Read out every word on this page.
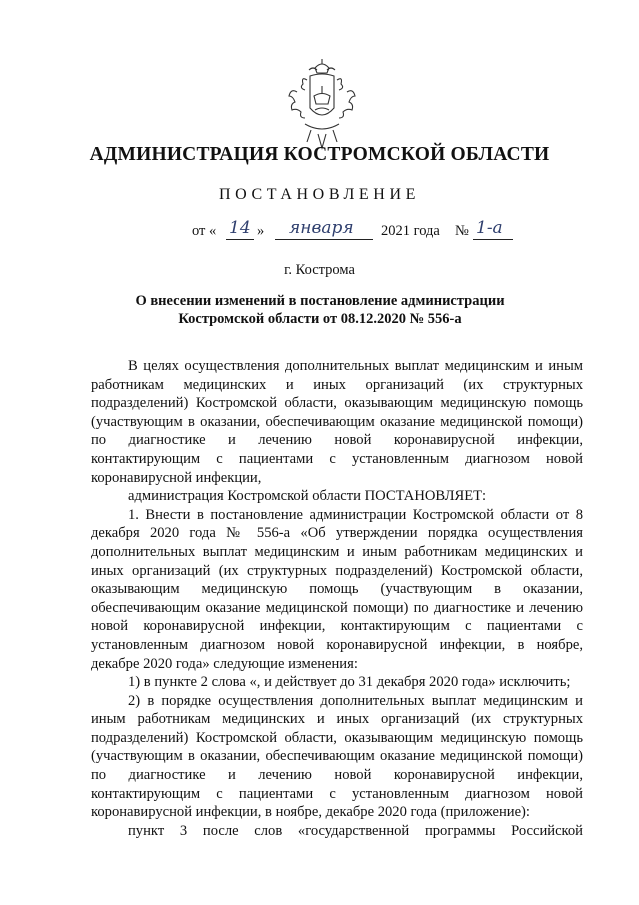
АДМИНИСТРАЦИЯ КОСТРОМСКОЙ ОБЛАСТИ
ПОСТАНОВЛЕНИЕ
от « 14 » января 2021 года № 1-а
г. Кострома
О внесении изменений в постановление администрации
Костромской области от 08.12.2020 № 556-а

В целях осуществления дополнительных выплат медицинским и иным работникам медицинских и иных организаций (их структурных подразделений) Костромской области, оказывающим медицинскую помощь (участвующим в оказании, обеспечивающим оказание медицинской помощи) по диагностике и лечению новой коронавирусной инфекции, контактирующим с пациентами с установленным диагнозом новой коронавирусной инфекции,

администрация Костромской области ПОСТАНОВЛЯЕТ:

1. Внести в постановление администрации Костромской области от 8 декабря 2020 года № 556-а «Об утверждении порядка осуществления дополнительных выплат медицинским и иным работникам медицинских и иных организаций (их структурных подразделений) Костромской области, оказывающим медицинскую помощь (участвующим в оказании, обеспечивающим оказание медицинской помощи) по диагностике и лечению новой коронавирусной инфекции, контактирующим с пациентами с установленным диагнозом новой коронавирусной инфекции, в ноябре, декабре 2020 года» следующие изменения:

1) в пункте 2 слова «, и действует до 31 декабря 2020 года» исключить;

2) в порядке осуществления дополнительных выплат медицинским и иным работникам медицинских и иных организаций (их структурных подразделений) Костромской области, оказывающим медицинскую помощь (участвующим в оказании, обеспечивающим оказание медицинской помощи) по диагностике и лечению новой коронавирусной инфекции, контактирующим с пациентами с установленным диагнозом новой коронавирусной инфекции, в ноябре, декабре 2020 года (приложение):

пункт 3 после слов «государственной программы Российской
